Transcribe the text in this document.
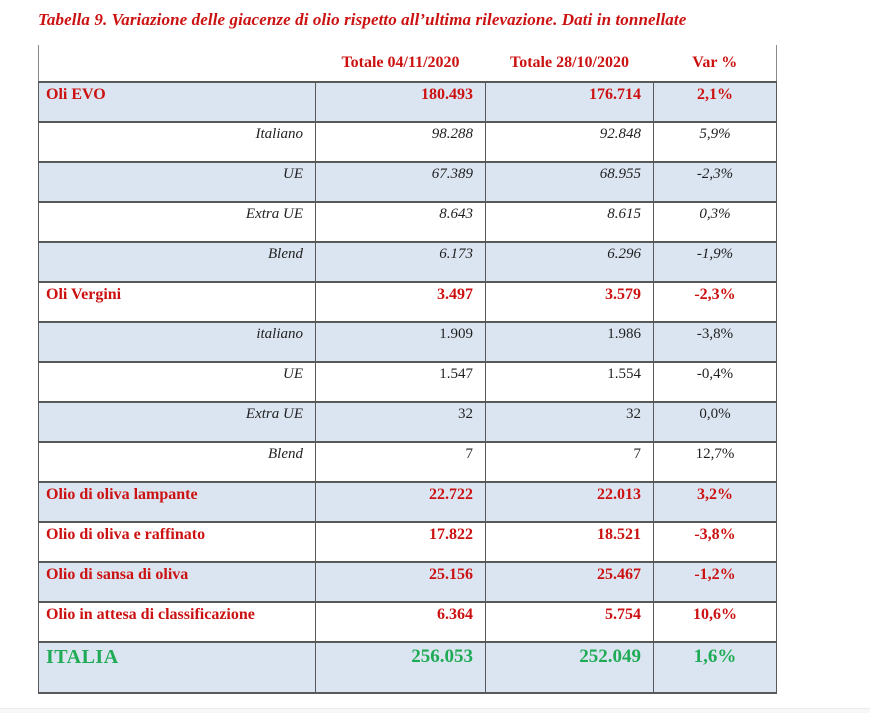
Tabella 9. Variazione delle giacenze di olio rispetto all’ultima rilevazione. Dati in tonnellate
	Totale 04/11/2020	Totale 28/10/2020	Var %
Oli EVO	180.493	176.714	2,1%
Italiano	98.288	92.848	5,9%
UE	67.389	68.955	-2,3%
Extra UE	8.643	8.615	0,3%
Blend	6.173	6.296	-1,9%
Oli Vergini	3.497	3.579	-2,3%
italiano	1.909	1.986	-3,8%
UE	1.547	1.554	-0,4%
Extra UE	32	32	0,0%
Blend	7	7	12,7%
Olio di oliva lampante	22.722	22.013	3,2%
Olio di oliva e raffinato	17.822	18.521	-3,8%
Olio di sansa di oliva	25.156	25.467	-1,2%
Olio in attesa di classificazione	6.364	5.754	10,6%
ITALIA	256.053	252.049	1,6%
